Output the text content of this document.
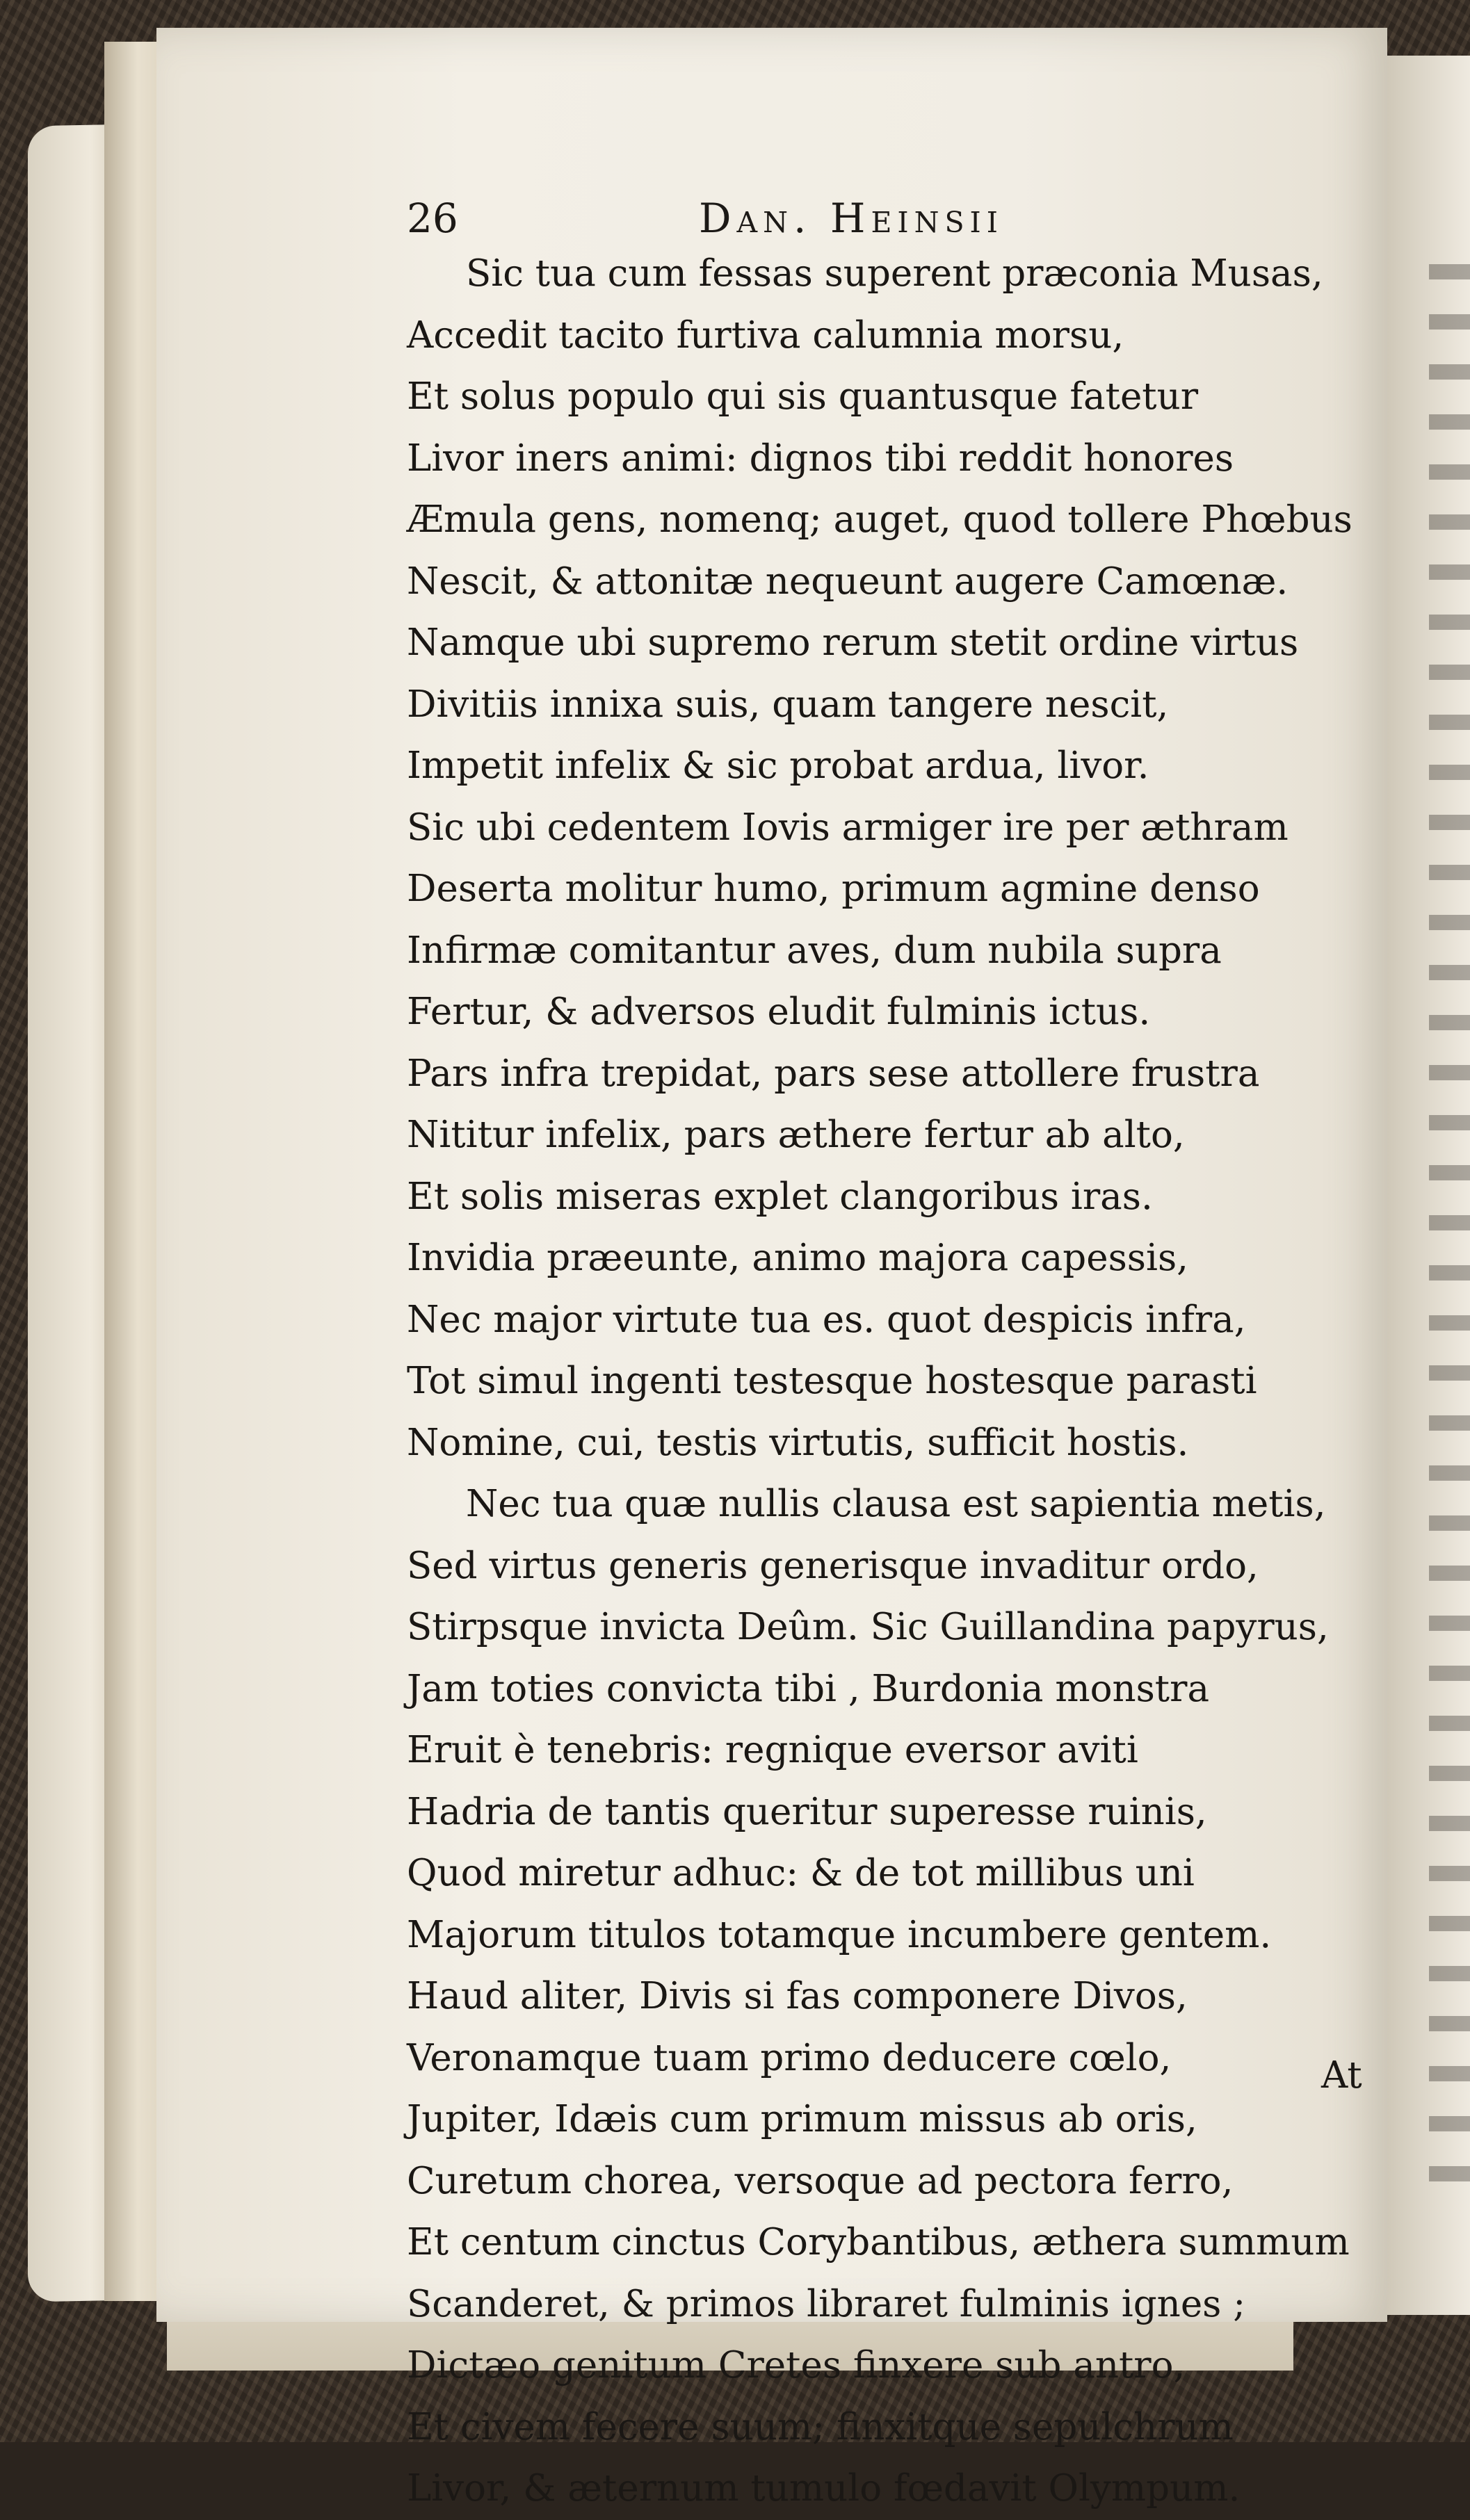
26	Dan. Heinsii
Sic tua cum fessas superent præconia Musas,
Accedit tacito furtiva calumnia morsu,
Et solus populo qui sis quantusque fatetur
Livor iners animi: dignos tibi reddit honores
Æmula gens, nomenq; auget, quod tollere Phœbus
Nescit, & attonitæ nequeunt augere Camœnæ.
Namque ubi supremo rerum stetit ordine virtus
Divitiis innixa suis, quam tangere nescit,
Impetit infelix & sic probat ardua, livor.
Sic ubi cedentem Iovis armiger ire per æthram
Deserta molitur humo, primum agmine denso
Infirmæ comitantur aves, dum nubila supra
Fertur, & adversos eludit fulminis ictus.
Pars infra trepidat, pars sese attollere frustra
Nititur infelix, pars æthere fertur ab alto,
Et solis miseras explet clangoribus iras.
Invidia præeunte, animo majora capessis,
Nec major virtute tua es. quot despicis infra,
Tot simul ingenti testesque hostesque parasti
Nomine, cui, testis virtutis, sufficit hostis.
Nec tua quæ nullis clausa est sapientia metis,
Sed virtus generis generisque invaditur ordo,
Stirpsque invicta Deûm. Sic Guillandina papyrus,
Jam toties convicta tibi , Burdonia monstra
Eruit è tenebris: regnique eversor aviti
Hadria de tantis queritur superesse ruinis,
Quod miretur adhuc: & de tot millibus uni
Majorum titulos totamque incumbere gentem.
Haud aliter, Divis si fas componere Divos,
Veronamque tuam primo deducere cœlo,
Jupiter, Idæis cum primum missus ab oris,
Curetum chorea, versoque ad pectora ferro,
Et centum cinctus Corybantibus, æthera summum
Scanderet, & primos libraret fulminis ignes ;
Dictæo genitum Cretes finxere sub antro,
Et civem fecere suum; finxitque sepulchrum
Livor, & æternum tumulo fœdavit Olympum.
At
